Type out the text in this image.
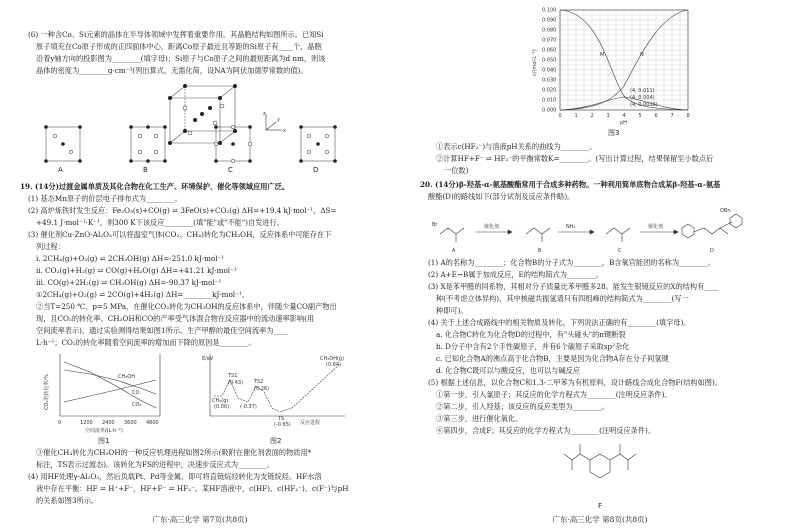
(6) 一种含Co、Si元素的晶体在半导体领域中发挥着重要作用，其晶胞结构如图所示。已知Si
原子填充在Co原子形成的正四面体中心，距离Co原子最近且等距的Si原子有____个，晶胞
沿着y轴方向的投影图为________(填字母)；Si原子与Co原子之间的最短距离为d nm，则该
晶体的密度为________g·cm⁻³(列出算式，无需化简，设NA为阿伏加德罗常数的值)。
x
z
y
A	B	C	D
19. (14分)过渡金属单质及其化合物在化工生产、环境保护、催化等领域应用广泛。
(1) 基态Mn原子的价层电子排布式为________。
(2) 高炉炼铁时发生反应：Fe₂O₃(s)+CO(g) ⇌ 3FeO(s)+CO₂(g) ΔH=+19.4 kJ·mol⁻¹，ΔS=
+49.1 J·mol⁻¹·K⁻¹，则300 K下该反应________(填"能"或"不能")自发进行。
(3) 催化剂Cu-ZnO-Al₂O₃可以将温室气体(CO₂、CH₄)转化为CH₃OH，反应体系中可能存在下
列过程：
i. 2CH₄(g)+O₂(g) ⇌ 2CH₃OH(g) ΔH=-251.0 kJ·mol⁻¹
ii. CO₂(g)+H₂(g) ⇌ CO(g)+H₂O(g) ΔH=+41.21 kJ·mol⁻¹
iii. CO(g)+2H₂(g) ⇌ CH₃OH(g) ΔH=-90.37 kJ·mol⁻¹
①2CH₄(g)+O₂(g) ⇌ 2CO(g)+4H₂(g) ΔH=________kJ·mol⁻¹。
②当T=250 ℃、p=5 MPa，在催化CO₂转化为CH₃OH的反应体系中，伴随少量CO副产物出
现，且CO₂的转化率、CH₃OH和CO的产率受气体混合物在反应器中的流动速率影响(用
空间流率表示)，通过实验测得结果如图1所示。生产甲醇的最佳空间流率为____
L·h⁻¹；CO₂的转化率随着空间流率的增加而下降的原因是________。
CH₃OH
CO
CO₂
0	1200 2400 3600 4800
空间流率/(L·h⁻¹)
CO₂的转化率/%
图1
CH₄(g)
TS1
(0.43) TS2
(0.26)
(-0.37)
TS
(-0.65)
CH₃OH(g)
(0.64)
(0.00)
反应进程
E/eV
图2
③催化CH₄转化为CH₃OH的一种反应机理进程如图2所示(吸附在催化剂表面的物质用*
标注，TS表示过渡态)。该转化为FS的进程中，决速步反应式为________。
(4) 用HF处理γ-Al₂O₃，然后负载Pt、Pd等金属，即可将直链烷烃转化为支链烷烃。HF水溶
液中存在平衡：HF ⇌ H⁺+F⁻，HF+F⁻ ⇌ HF₂⁻。某HF溶液中，c(HF)、c(HF₂⁻)、c(F⁻)与pH
的关系如图3所示。
广东·高三化学 第7页(共8页)
M	N
(4, 0.011)
(4, 0.004)
(4, 0.0016)
0.000
0.010
0.020
0.030
0.040
0.050
0.060
0.070
0.080
0.090
0.100
0	1	2	3	4	5	6	7	8
pH
c/(mol·L⁻¹)
图3
①表示c(HF₂⁻)与溶液pH关系的曲线为________。
②计算HF+F⁻ ⇌ HF₂⁻的平衡常数K=________。(写出计算过程，结果保留至小数点后
一位数)
20. (14分)β-羟基-α-氨基酸酯常用于合成多种药物。一种利用简单底物合成某β-羟基-α-氨基
酸酯(D)的路线如下(部分试剂及反应条件略)。
Br	催化剂	NH₂	催化剂
OBn
A	B	C	D
(1) A的名称为________；化合物B的分子式为________，B含氧官能团的名称为________。
(2) A+E→B属于加成反应，E的结构简式为________。
(3) X是苯甲醛的同系物，其相对分子质量比苯甲醛多28。能发生银镜反应的X的结构有____
种(不考虑立体异构)，其中核磁共振氢谱只有四组峰的结构简式为________(写一
种即可)。
(4) 关于上述合成路线中的相关物质及转化，下列说法正确的有________(填字母)。
a. 化合物C转化为化合物D的过程中，有"头碰头"的π键断裂
b. D分子中含有2个手性碳原子，并有6个碳原子采取sp²杂化
c. 已知化合物A的沸点高于化合物B，主要是因为化合物A存在分子间氢键
d. 化合物C既可以与酸反应，也可以与碱反应
(5) 根据上述信息，以化合物C和1,3-二甲苯为有机原料，设计路线合成化合物F(结构如图)。
①第一步，引入氯原子；其反应的化学方程式为________(注明反应条件)。
②第二步，引入羟基；该反应的反应类型为________。
③第三步，进行催化氧化。
④第四步，合成F；其反应的化学方程式为________(注明反应条件)。
F
广东·高三化学 第8页(共8页)
